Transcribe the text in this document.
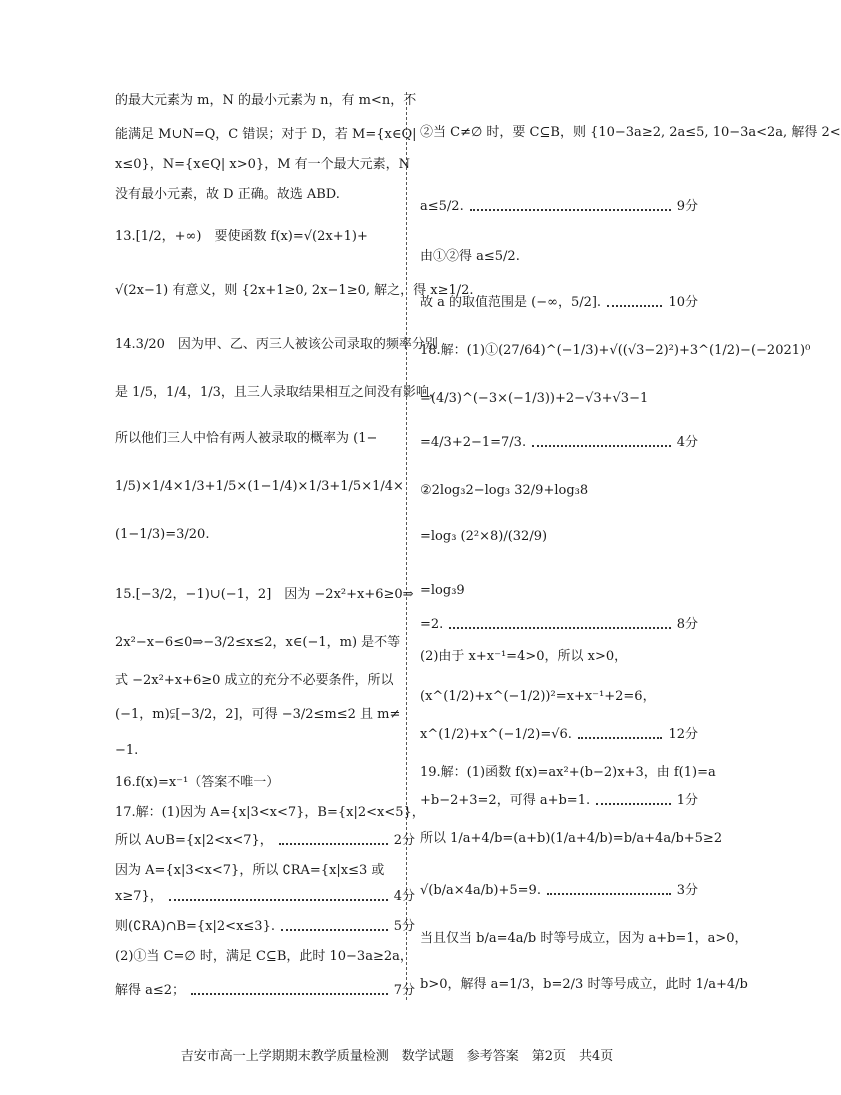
的最大元素为 m，N 的最小元素为 n，有 m<n，不
能满足 M∪N=Q，C 错误；对于 D，若 M={x∈Q|
x≤0}，N={x∈Q| x>0}，M 有一个最大元素，N
没有最小元素，故 D 正确。故选 ABD.
13.[1/2，+∞)　要使函数 f(x)=√(2x+1)+
√(2x−1) 有意义，则 {2x+1≥0, 2x−1≥0, 解之，得 x≥1/2.
14.3/20　因为甲、乙、丙三人被该公司录取的频率分别
是 1/5，1/4，1/3，且三人录取结果相互之间没有影响，
所以他们三人中恰有两人被录取的概率为 (1−
1/5)×1/4×1/3+1/5×(1−1/4)×1/3+1/5×1/4×
(1−1/3)=3/20.
15.[−3/2，−1)∪(−1，2]　因为 −2x²+x+6≥0⇒
2x²−x−6≤0⇒−3/2≤x≤2，x∈(−1，m) 是不等
式 −2x²+x+6≥0 成立的充分不必要条件，所以
(−1，m)⫋[−3/2，2]，可得 −3/2≤m≤2 且 m≠
−1.
16.f(x)=x⁻¹（答案不唯一）
17.解：(1)因为 A={x|3<x<7}，B={x|2<x<5}，
所以 A∪B={x|2<x<7}，	2分
因为 A={x|3<x<7}，所以 ∁RA={x|x≤3 或
x≥7}，	4分
则(∁RA)∩B={x|2<x≤3}.	5分
(2)①当 C=∅ 时，满足 C⊆B，此时 10−3a≥2a，
解得 a≤2；	7分
②当 C≠∅ 时，要 C⊆B，则 {10−3a≥2, 2a≤5, 10−3a<2a, 解得 2<
a≤5/2.	9分
由①②得 a≤5/2.
故 a 的取值范围是 (−∞，5/2].	10分
18.解：(1)①(27/64)^(−1/3)+√((√3−2)²)+3^(1/2)−(−2021)⁰
=(4/3)^(−3×(−1/3))+2−√3+√3−1
=4/3+2−1=7/3.	4分
②2log₃2−log₃ 32/9+log₃8
=log₃ (2²×8)/(32/9)
=log₃9
=2.	8分
(2)由于 x+x⁻¹=4>0，所以 x>0，
(x^(1/2)+x^(−1/2))²=x+x⁻¹+2=6，
x^(1/2)+x^(−1/2)=√6.	12分
19.解：(1)函数 f(x)=ax²+(b−2)x+3，由 f(1)=a
+b−2+3=2，可得 a+b=1.	1分
所以 1/a+4/b=(a+b)(1/a+4/b)=b/a+4a/b+5≥2
√(b/a×4a/b)+5=9.	3分
当且仅当 b/a=4a/b 时等号成立，因为 a+b=1，a>0，
b>0，解得 a=1/3，b=2/3 时等号成立，此时 1/a+4/b
吉安市高一上学期期末教学质量检测　数学试题　参考答案　第2页　共4页
